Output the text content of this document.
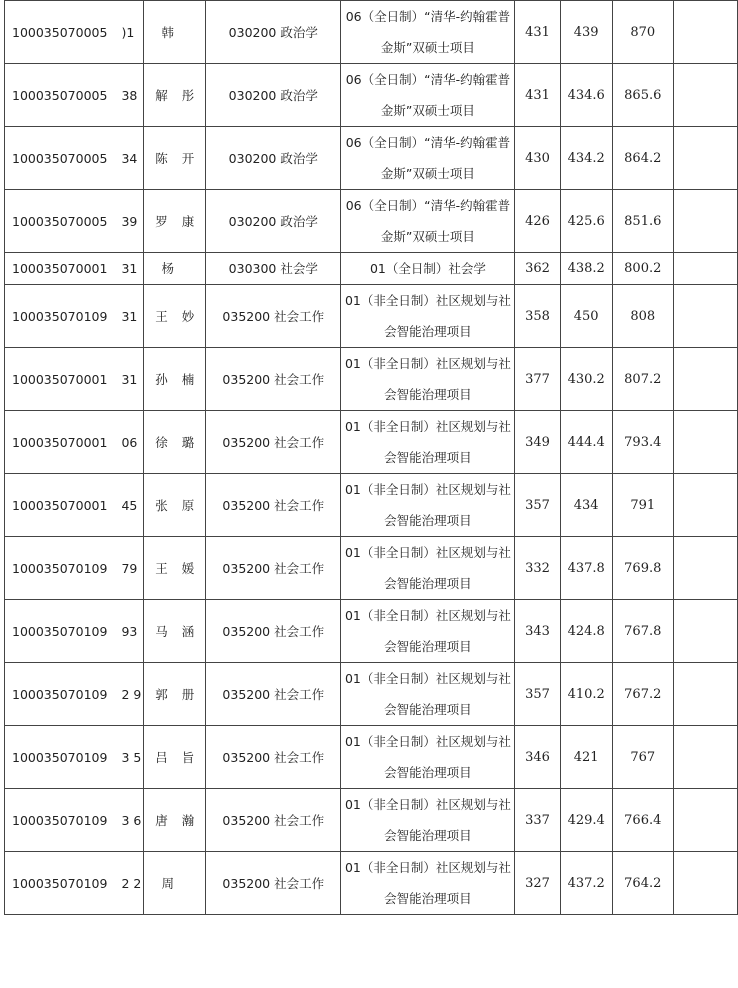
100035070005 )1	韩	030200 政治学	06（全日制）“清华-约翰霍普金斯”双硕士项目	431	439	870	
100035070005 38	解 彤	030200 政治学	06（全日制）“清华-约翰霍普金斯”双硕士项目	431	434.6	865.6	
100035070005 34	陈 开	030200 政治学	06（全日制）“清华-约翰霍普金斯”双硕士项目	430	434.2	864.2	
100035070005 39	罗 康	030200 政治学	06（全日制）“清华-约翰霍普金斯”双硕士项目	426	425.6	851.6	
100035070001 31	杨	030300 社会学	01（全日制）社会学	362	438.2	800.2	
100035070109 31	王 妙	035200 社会工作	01（非全日制）社区规划与社会智能治理项目	358	450	808	
100035070001 31	孙 楠	035200 社会工作	01（非全日制）社区规划与社会智能治理项目	377	430.2	807.2	
100035070001 06	徐 璐	035200 社会工作	01（非全日制）社区规划与社会智能治理项目	349	444.4	793.4	
100035070001 45	张 原	035200 社会工作	01（非全日制）社区规划与社会智能治理项目	357	434	791	
100035070109 79	王 媛	035200 社会工作	01（非全日制）社区规划与社会智能治理项目	332	437.8	769.8	
100035070109 93	马 涵	035200 社会工作	01（非全日制）社区规划与社会智能治理项目	343	424.8	767.8	
100035070109 2 9	郭 册	035200 社会工作	01（非全日制）社区规划与社会智能治理项目	357	410.2	767.2	
100035070109 3 5	吕 旨	035200 社会工作	01（非全日制）社区规划与社会智能治理项目	346	421	767	
100035070109 3 6	唐 瀚	035200 社会工作	01（非全日制）社区规划与社会智能治理项目	337	429.4	766.4	
100035070109 2 2	周	035200 社会工作	01（非全日制）社区规划与社会智能治理项目	327	437.2	764.2	
